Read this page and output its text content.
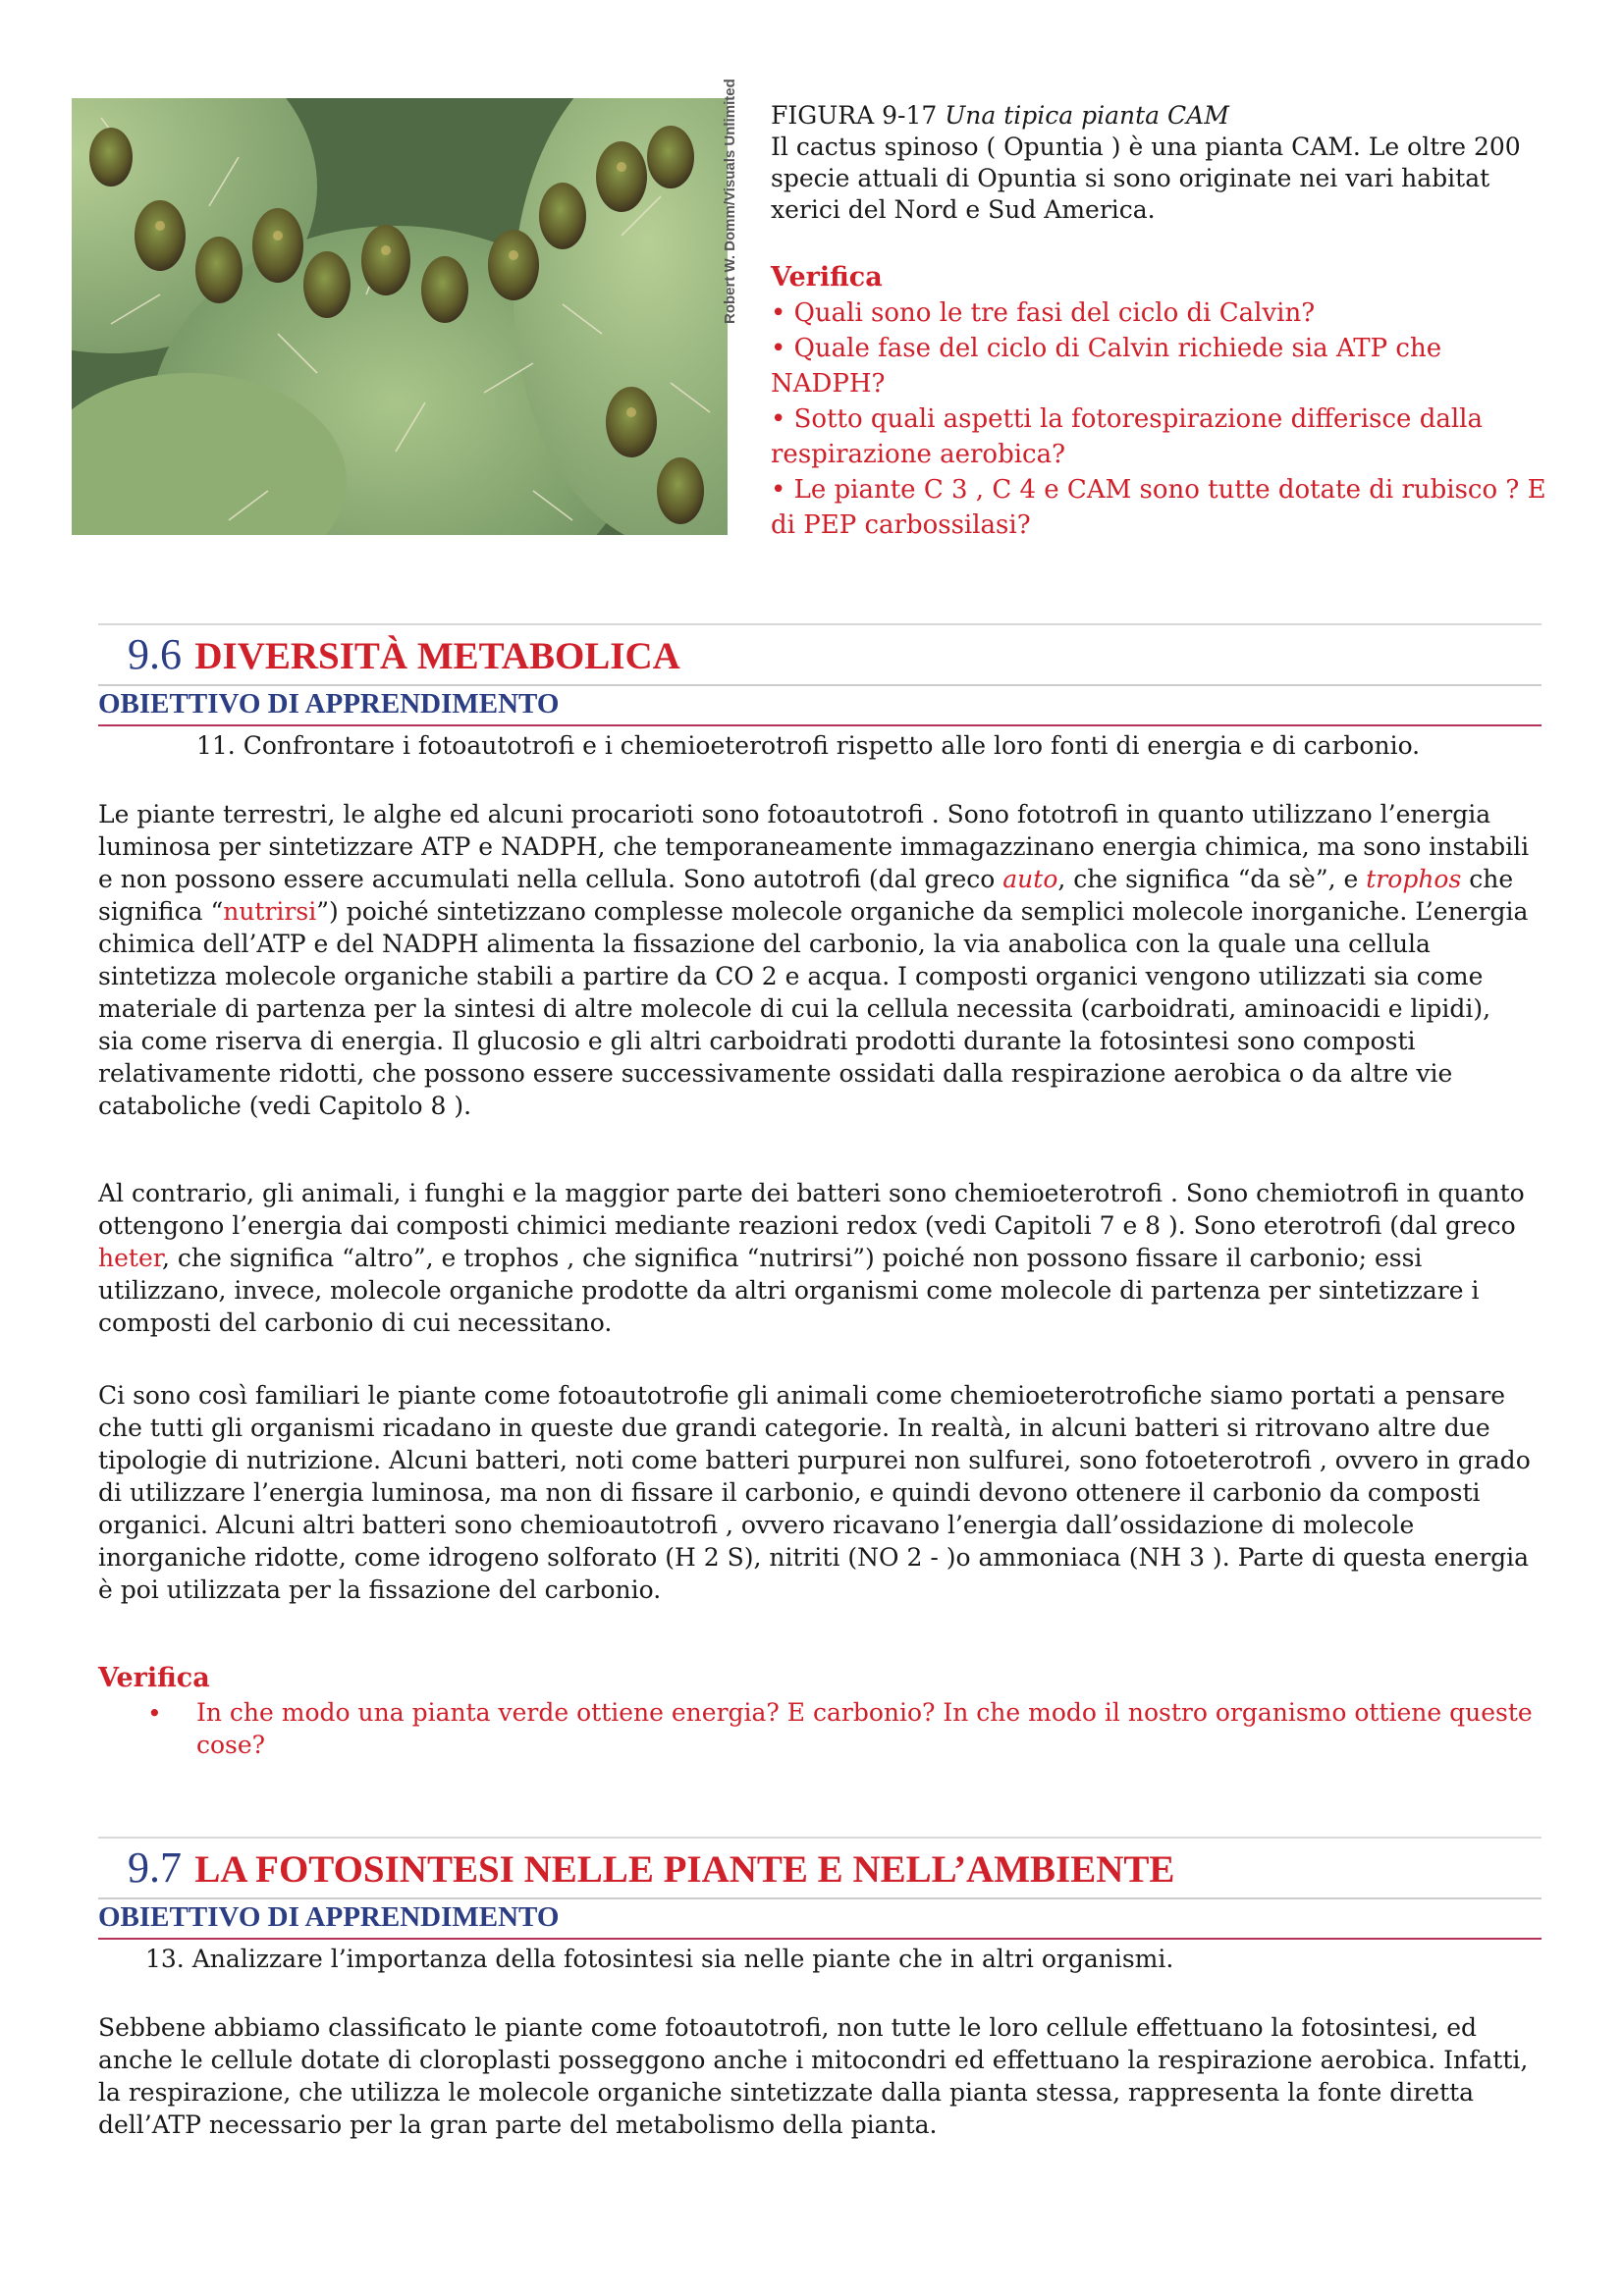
Robert W. Domm/Visuals Unlimited FIGURA 9-17 Una tipica pianta CAM
Il cactus spinoso ( Opuntia ) è una pianta CAM. Le oltre 200 specie attuali di Opuntia si sono originate nei vari habitat xerici del Nord e Sud America.
Verifica
• Quali sono le tre fasi del ciclo di Calvin?
• Quale fase del ciclo di Calvin richiede sia ATP che NADPH?
• Sotto quali aspetti la fotorespirazione differisce dalla respirazione aerobica?
• Le piante C 3 , C 4 e CAM sono tutte dotate di rubisco ? E di PEP carbossilasi?
9.6 DIVERSITÀ METABOLICA
OBIETTIVO DI APPRENDIMENTO
11. Confrontare i fotoautotrofi e i chemioeterotrofi rispetto alle loro fonti di energia e di carbonio.
Le piante terrestri, le alghe ed alcuni procarioti sono fotoautotrofi . Sono fototrofi in quanto utilizzano l’energia luminosa per sintetizzare ATP e NADPH, che temporaneamente immagazzinano energia chimica, ma sono instabili e non possono essere accumulati nella cellula. Sono autotrofi (dal greco auto, che significa “da sè”, e trophos che significa “nutrirsi”) poiché sintetizzano complesse molecole organiche da semplici molecole inorganiche. L’energia chimica dell’ATP e del NADPH alimenta la fissazione del carbonio, la via anabolica con la quale una cellula sintetizza molecole organiche stabili a partire da CO 2 e acqua. I composti organici vengono utilizzati sia come materiale di partenza per la sintesi di altre molecole di cui la cellula necessita (carboidrati, aminoacidi e lipidi), sia come riserva di energia. Il glucosio e gli altri carboidrati prodotti durante la fotosintesi sono composti relativamente ridotti, che possono essere successivamente ossidati dalla respirazione aerobica o da altre vie cataboliche (vedi Capitolo 8 ).
Al contrario, gli animali, i funghi e la maggior parte dei batteri sono chemioeterotrofi . Sono chemiotrofi in quanto ottengono l’energia dai composti chimici mediante reazioni redox (vedi Capitoli 7 e 8 ). Sono eterotrofi (dal greco heter, che significa “altro”, e trophos , che significa “nutrirsi”) poiché non possono fissare il carbonio; essi utilizzano, invece, molecole organiche prodotte da altri organismi come molecole di partenza per sintetizzare i composti del carbonio di cui necessitano.
Ci sono così familiari le piante come fotoautotrofie gli animali come chemioeterotrofiche siamo portati a pensare che tutti gli organismi ricadano in queste due grandi categorie. In realtà, in alcuni batteri si ritrovano altre due tipologie di nutrizione. Alcuni batteri, noti come batteri purpurei non sulfurei, sono fotoeterotrofi , ovvero in grado di utilizzare l’energia luminosa, ma non di fissare il carbonio, e quindi devono ottenere il carbonio da composti organici. Alcuni altri batteri sono chemioautotrofi , ovvero ricavano l’energia dall’ossidazione di molecole inorganiche ridotte, come idrogeno solforato (H 2 S), nitriti (NO 2 - )o ammoniaca (NH 3 ). Parte di questa energia è poi utilizzata per la fissazione del carbonio.
Verifica
• In che modo una pianta verde ottiene energia? E carbonio? In che modo il nostro organismo ottiene queste cose?
9.7 LA FOTOSINTESI NELLE PIANTE E NELL’AMBIENTE
OBIETTIVO DI APPRENDIMENTO
13. Analizzare l’importanza della fotosintesi sia nelle piante che in altri organismi.
Sebbene abbiamo classificato le piante come fotoautotrofi, non tutte le loro cellule effettuano la fotosintesi, ed anche le cellule dotate di cloroplasti posseggono anche i mitocondri ed effettuano la respirazione aerobica. Infatti, la respirazione, che utilizza le molecole organiche sintetizzate dalla pianta stessa, rappresenta la fonte diretta dell’ATP necessario per la gran parte del metabolismo della pianta.
